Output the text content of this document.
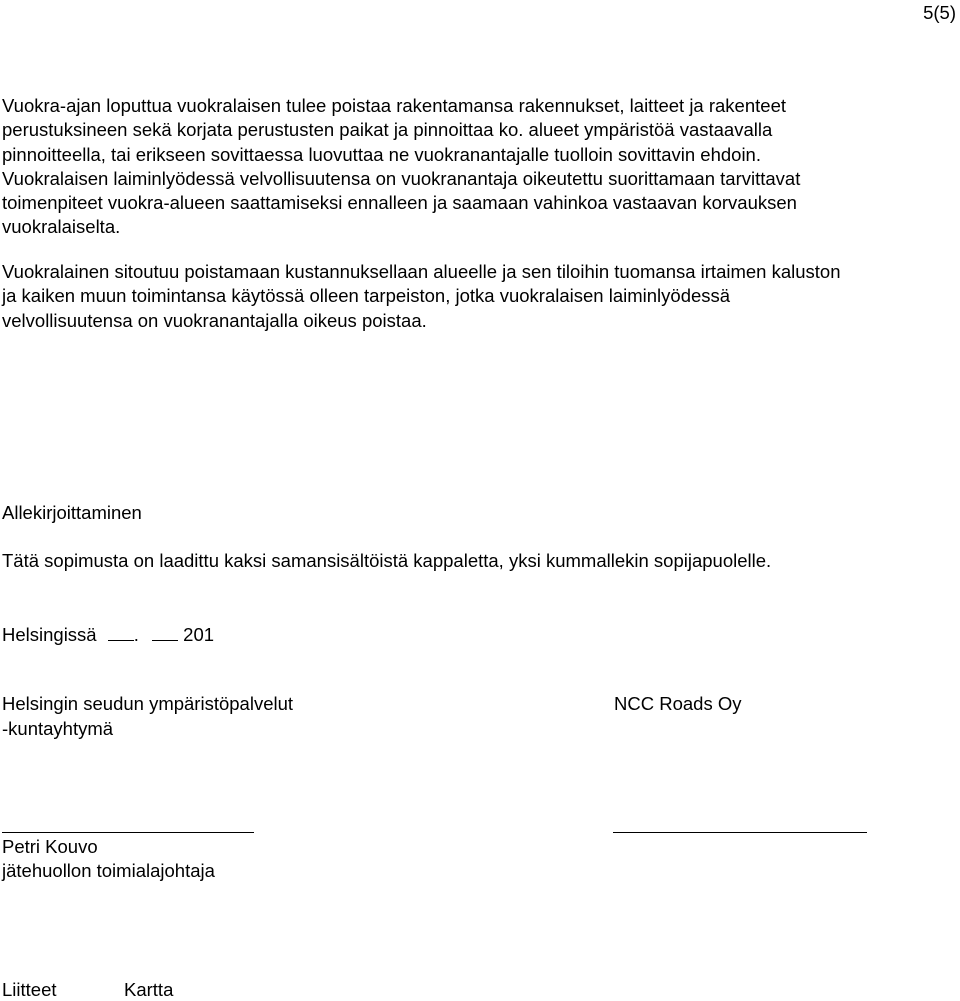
5(5)
Vuokra-ajan loputtua vuokralaisen tulee poistaa rakentamansa rakennukset, laitteet ja rakenteet
perustuksineen sekä korjata perustusten paikat ja pinnoittaa ko. alueet ympäristöä vastaavalla
pinnoitteella, tai erikseen sovittaessa luovuttaa ne vuokranantajalle tuolloin sovittavin ehdoin.
Vuokralaisen laiminlyödessä velvollisuutensa on vuokranantaja oikeutettu suorittamaan tarvittavat
toimenpiteet vuokra-alueen saattamiseksi ennalleen ja saamaan vahinkoa vastaavan korvauksen
vuokralaiselta.
Vuokralainen sitoutuu poistamaan kustannuksellaan alueelle ja sen tiloihin tuomansa irtaimen kaluston
ja kaiken muun toimintansa käytössä olleen tarpeiston, jotka vuokralaisen laiminlyödessä
velvollisuutensa on vuokranantajalla oikeus poistaa.
Allekirjoittaminen
Tätä sopimusta on laadittu kaksi samansisältöistä kappaletta, yksi kummallekin sopijapuolelle.
Helsingissä . 201
Helsingin seudun ympäristöpalvelut
-kuntayhtymä
NCC Roads Oy
Petri Kouvo
jätehuollon toimialajohtaja
Liitteet	Kartta
